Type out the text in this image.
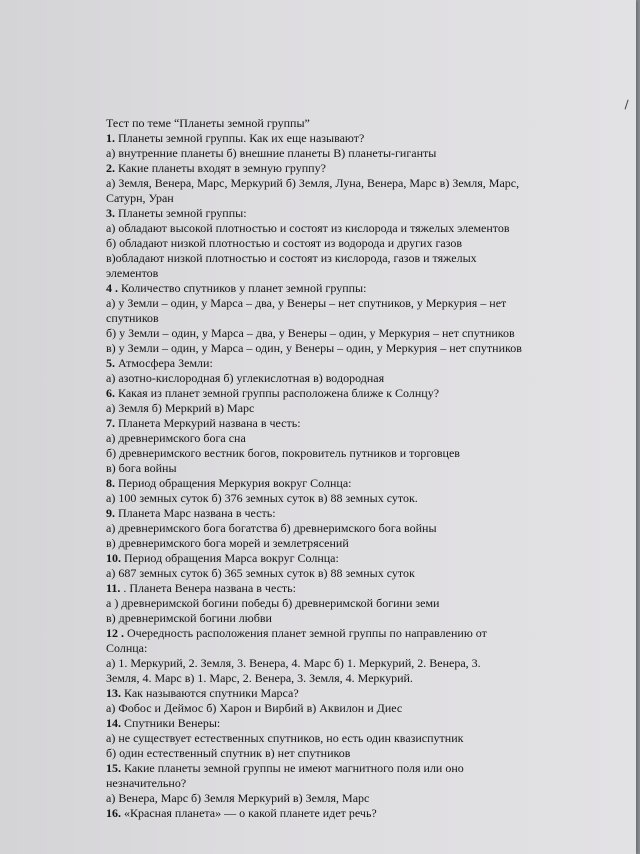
Тест по теме “Планеты земной группы”
1. Планеты земной группы. Как их еще называют?
а) внутренние планеты б) внешние планеты В) планеты-гиганты
2. Какие планеты входят в земную группу?
а) Земля, Венера, Марс, Меркурий б) Земля, Луна, Венера, Марс в) Земля, Марс,
Сатурн, Уран
3. Планеты земной группы:
а) обладают высокой плотностью и состоят из кислорода и тяжелых элементов
б) обладают низкой плотностью и состоят из водорода и других газов
в)обладают низкой плотностью и состоят из кислорода, газов и тяжелых
элементов
4 . Количество спутников у планет земной группы:
а) у Земли – один, у Марса – два, у Венеры – нет спутников, у Меркурия – нет
спутников
б) у Земли – один, у Марса – два, у Венеры – один, у Меркурия – нет спутников
в) у Земли – один, у Марса – один, у Венеры – один, у Меркурия – нет спутников
5. Атмосфера Земли:
а) азотно-кислородная б) углекислотная в) водородная
6. Какая из планет земной группы расположена ближе к Солнцу?
а) Земля б) Меркрий в) Марс
7. Планета Меркурий названа в честь:
а) древнеримского бога сна
б) древнеримского вестник богов, покровитель путников и торговцев
в) бога войны
8. Период обращения Меркурия вокруг Солнца:
а) 100 земных суток б) 376 земных суток в) 88 земных суток.
9. Планета Марс названа в честь:
а) древнеримского бога богатства б) древнеримского бога войны
в) древнеримского бога морей и землетрясений
10. Период обращения Марса вокруг Солнца:
а) 687 земных суток б) 365 земных суток в) 88 земных суток
11. . Планета Венера названа в честь:
а ) древнеримской богини победы б) древнеримской богини земи
в) древнеримской богини любви
12 . Очередность расположения планет земной группы по направлению от
Солнца:
а) 1. Меркурий, 2. Земля, 3. Венера, 4. Марс б) 1. Меркурий, 2. Венера, 3.
Земля, 4. Марс в) 1. Марс, 2. Венера, 3. Земля, 4. Меркурий.
13. Как называются спутники Марса?
а) Фобос и Деймос б) Харон и Вирбий в) Аквилон и Диес
14. Спутники Венеры:
а) не существует естественных спутников, но есть один квазиспутник
б) один естественный спутник в) нет спутников
15. Какие планеты земной группы не имеют магнитного поля или оно
незначительно?
а) Венера, Марс б) Земля Меркурий в) Земля, Марс
16. «Красная планета» — о какой планете идет речь?
